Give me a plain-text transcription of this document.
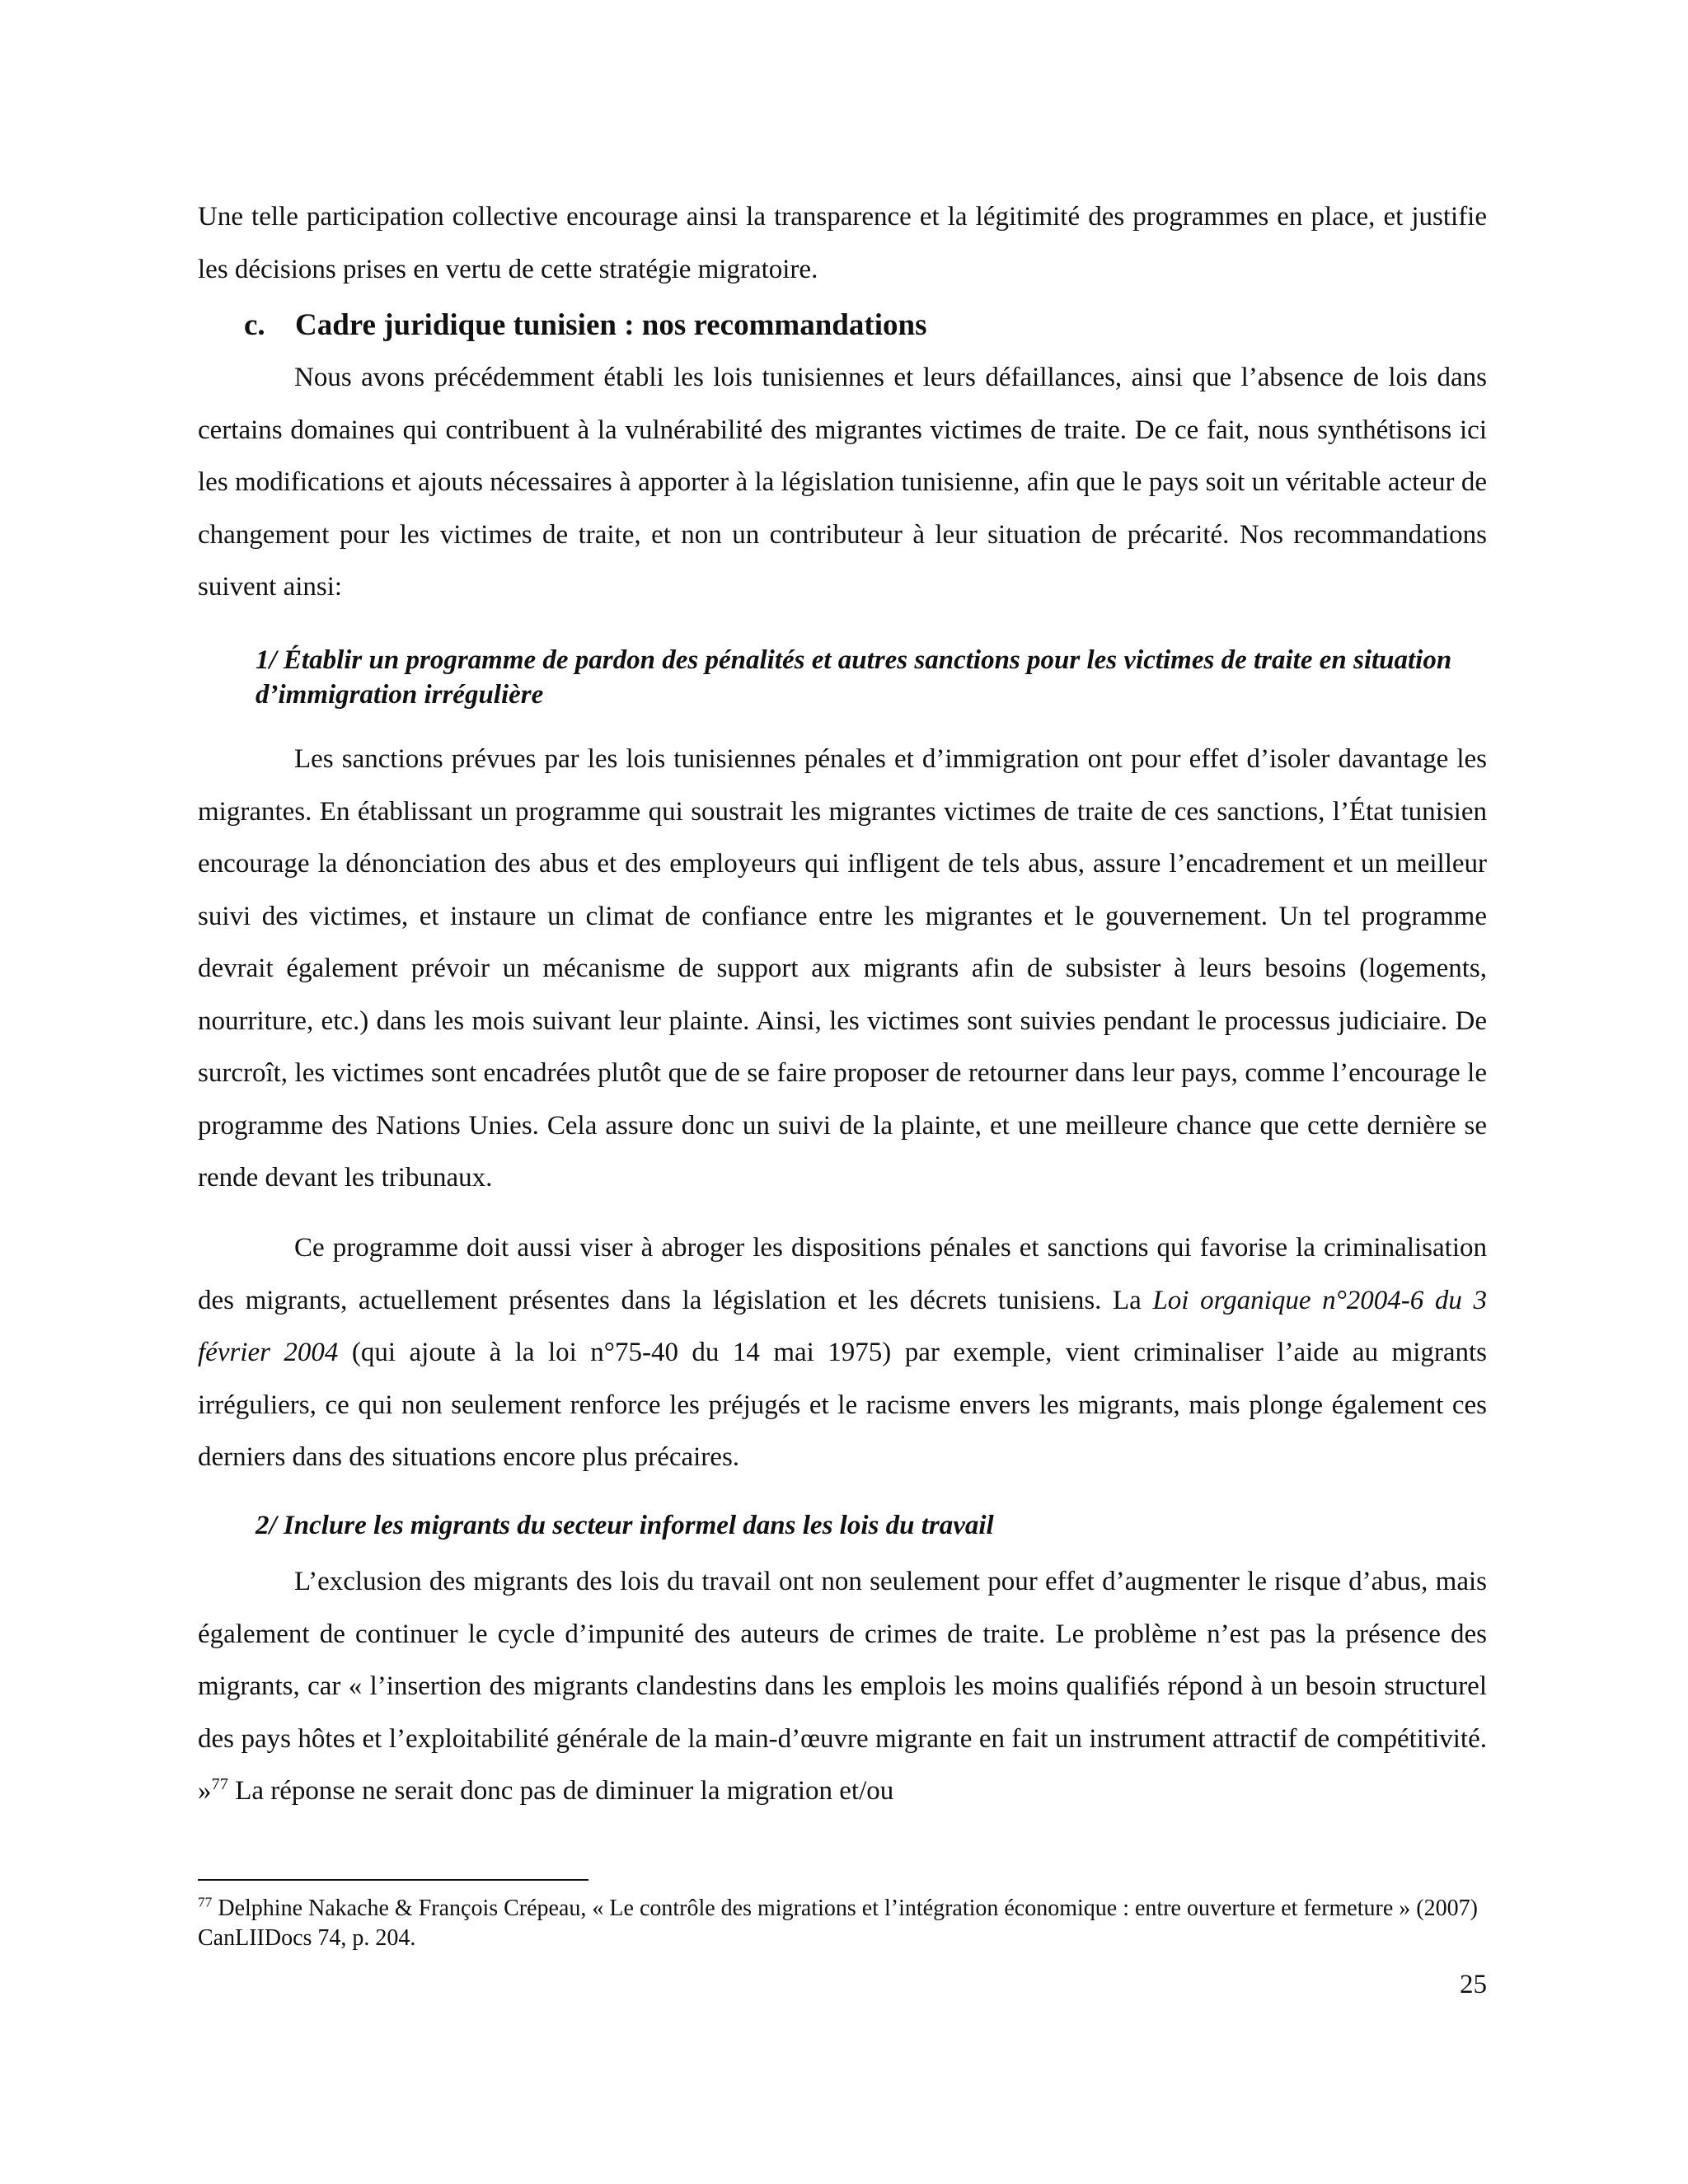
Une telle participation collective encourage ainsi la transparence et la légitimité des programmes en place, et justifie les décisions prises en vertu de cette stratégie migratoire.

c. Cadre juridique tunisien : nos recommandations

Nous avons précédemment établi les lois tunisiennes et leurs défaillances, ainsi que l’absence de lois dans certains domaines qui contribuent à la vulnérabilité des migrantes victimes de traite. De ce fait, nous synthétisons ici les modifications et ajouts nécessaires à apporter à la législation tunisienne, afin que le pays soit un véritable acteur de changement pour les victimes de traite, et non un contributeur à leur situation de précarité. Nos recommandations suivent ainsi:

1/ Établir un programme de pardon des pénalités et autres sanctions pour les victimes de traite en situation d’immigration irrégulière

Les sanctions prévues par les lois tunisiennes pénales et d’immigration ont pour effet d’isoler davantage les migrantes. En établissant un programme qui soustrait les migrantes victimes de traite de ces sanctions, l’État tunisien encourage la dénonciation des abus et des employeurs qui infligent de tels abus, assure l’encadrement et un meilleur suivi des victimes, et instaure un climat de confiance entre les migrantes et le gouvernement. Un tel programme devrait également prévoir un mécanisme de support aux migrants afin de subsister à leurs besoins (logements, nourriture, etc.) dans les mois suivant leur plainte. Ainsi, les victimes sont suivies pendant le processus judiciaire. De surcroît, les victimes sont encadrées plutôt que de se faire proposer de retourner dans leur pays, comme l’encourage le programme des Nations Unies. Cela assure donc un suivi de la plainte, et une meilleure chance que cette dernière se rende devant les tribunaux.

Ce programme doit aussi viser à abroger les dispositions pénales et sanctions qui favorise la criminalisation des migrants, actuellement présentes dans la législation et les décrets tunisiens. La Loi organique n°2004-6 du 3 février 2004 (qui ajoute à la loi n°75-40 du 14 mai 1975) par exemple, vient criminaliser l’aide au migrants irréguliers, ce qui non seulement renforce les préjugés et le racisme envers les migrants, mais plonge également ces derniers dans des situations encore plus précaires.

2/ Inclure les migrants du secteur informel dans les lois du travail

L’exclusion des migrants des lois du travail ont non seulement pour effet d’augmenter le risque d’abus, mais également de continuer le cycle d’impunité des auteurs de crimes de traite. Le problème n’est pas la présence des migrants, car « l’insertion des migrants clandestins dans les emplois les moins qualifiés répond à un besoin structurel des pays hôtes et l’exploitabilité générale de la main-d’œuvre migrante en fait un instrument attractif de compétitivité. »$^{77}$ La réponse ne serait donc pas de diminuer la migration et/ou

$^{77}$ Delphine Nakache & François Crépeau, « Le contrôle des migrations et l’intégration économique : entre ouverture et fermeture » (2007) CanLIIDocs 74, p. 204.

25
